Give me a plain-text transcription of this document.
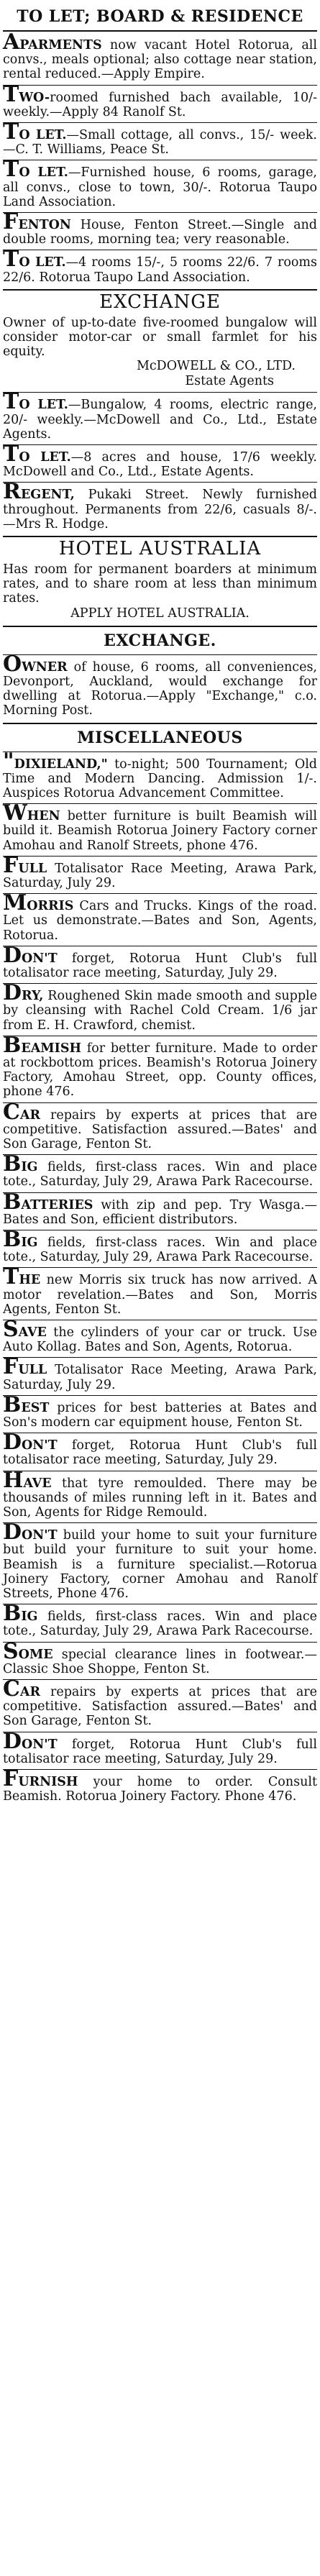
TO LET; BOARD & RESIDENCE

APARMENTS now vacant Hotel Rotorua, all convs., meals optional; also cottage near station, rental reduced.—Apply Empire.

TWO-roomed furnished bach available, 10/- weekly.—Apply 84 Ranolf St.

TO LET.—Small cottage, all convs., 15/- week.—C. T. Williams, Peace St.

TO LET.—Furnished house, 6 rooms, garage, all convs., close to town, 30/-. Rotorua Taupo Land Association.

FENTON House, Fenton Street.—Single and double rooms, morning tea; very reasonable.

TO LET.—4 rooms 15/-, 5 rooms 22/6. 7 rooms 22/6. Rotorua Taupo Land Association.

EXCHANGE
Owner of up-to-date five-roomed bungalow will consider motor-car or small farmlet for his equity.
McDOWELL & CO., LTD.
Estate Agents

TO LET.—Bungalow, 4 rooms, electric range, 20/- weekly.—McDowell and Co., Ltd., Estate Agents.

TO LET.—8 acres and house, 17/6 weekly. McDowell and Co., Ltd., Estate Agents.

REGENT, Pukaki Street. Newly furnished throughout. Permanents from 22/6, casuals 8/-.—Mrs R. Hodge.

HOTEL AUSTRALIA
Has room for permanent boarders at minimum rates, and to share room at less than minimum rates.
APPLY HOTEL AUSTRALIA.
EXCHANGE.

OWNER of house, 6 rooms, all conveniences, Devonport, Auckland, would exchange for dwelling at Rotorua.—Apply "Exchange," c.o. Morning Post.

MISCELLANEOUS

"DIXIELAND," to-night; 500 Tournament; Old Time and Modern Dancing. Admission 1/-. Auspices Rotorua Advancement Committee.

WHEN better furniture is built Beamish will build it. Beamish Rotorua Joinery Factory corner Amohau and Ranolf Streets, phone 476.

FULL Totalisator Race Meeting, Arawa Park, Saturday, July 29.

MORRIS Cars and Trucks. Kings of the road. Let us demonstrate.—Bates and Son, Agents, Rotorua.

DON'T forget, Rotorua Hunt Club's full totalisator race meeting, Saturday, July 29.

DRY, Roughened Skin made smooth and supple by cleansing with Rachel Cold Cream. 1/6 jar from E. H. Crawford, chemist.

BEAMISH for better furniture. Made to order at rockbottom prices. Beamish's Rotorua Joinery Factory, Amohau Street, opp. County offices, phone 476.

CAR repairs by experts at prices that are competitive. Satisfaction assured.—Bates' and Son Garage, Fenton St.

BIG fields, first-class races. Win and place tote., Saturday, July 29, Arawa Park Racecourse.

BATTERIES with zip and pep. Try Wasga.—Bates and Son, efficient distributors.

BIG fields, first-class races. Win and place tote., Saturday, July 29, Arawa Park Racecourse.

THE new Morris six truck has now arrived. A motor revelation.—Bates and Son, Morris Agents, Fenton St.

SAVE the cylinders of your car or truck. Use Auto Kollag. Bates and Son, Agents, Rotorua.

FULL Totalisator Race Meeting, Arawa Park, Saturday, July 29.

BEST prices for best batteries at Bates and Son's modern car equipment house, Fenton St.

DON'T forget, Rotorua Hunt Club's full totalisator race meeting, Saturday, July 29.

HAVE that tyre remoulded. There may be thousands of miles running left in it. Bates and Son, Agents for Ridge Remould.

DON'T build your home to suit your furniture but build your furniture to suit your home. Beamish is a furniture specialist.—Rotorua Joinery Factory, corner Amohau and Ranolf Streets, Phone 476.

BIG fields, first-class races. Win and place tote., Saturday, July 29, Arawa Park Racecourse.

SOME special clearance lines in footwear.—Classic Shoe Shoppe, Fenton St.

CAR repairs by experts at prices that are competitive. Satisfaction assured.—Bates' and Son Garage, Fenton St.

DON'T forget, Rotorua Hunt Club's full totalisator race meeting, Saturday, July 29.

FURNISH your home to order. Consult Beamish. Rotorua Joinery Factory. Phone 476.
